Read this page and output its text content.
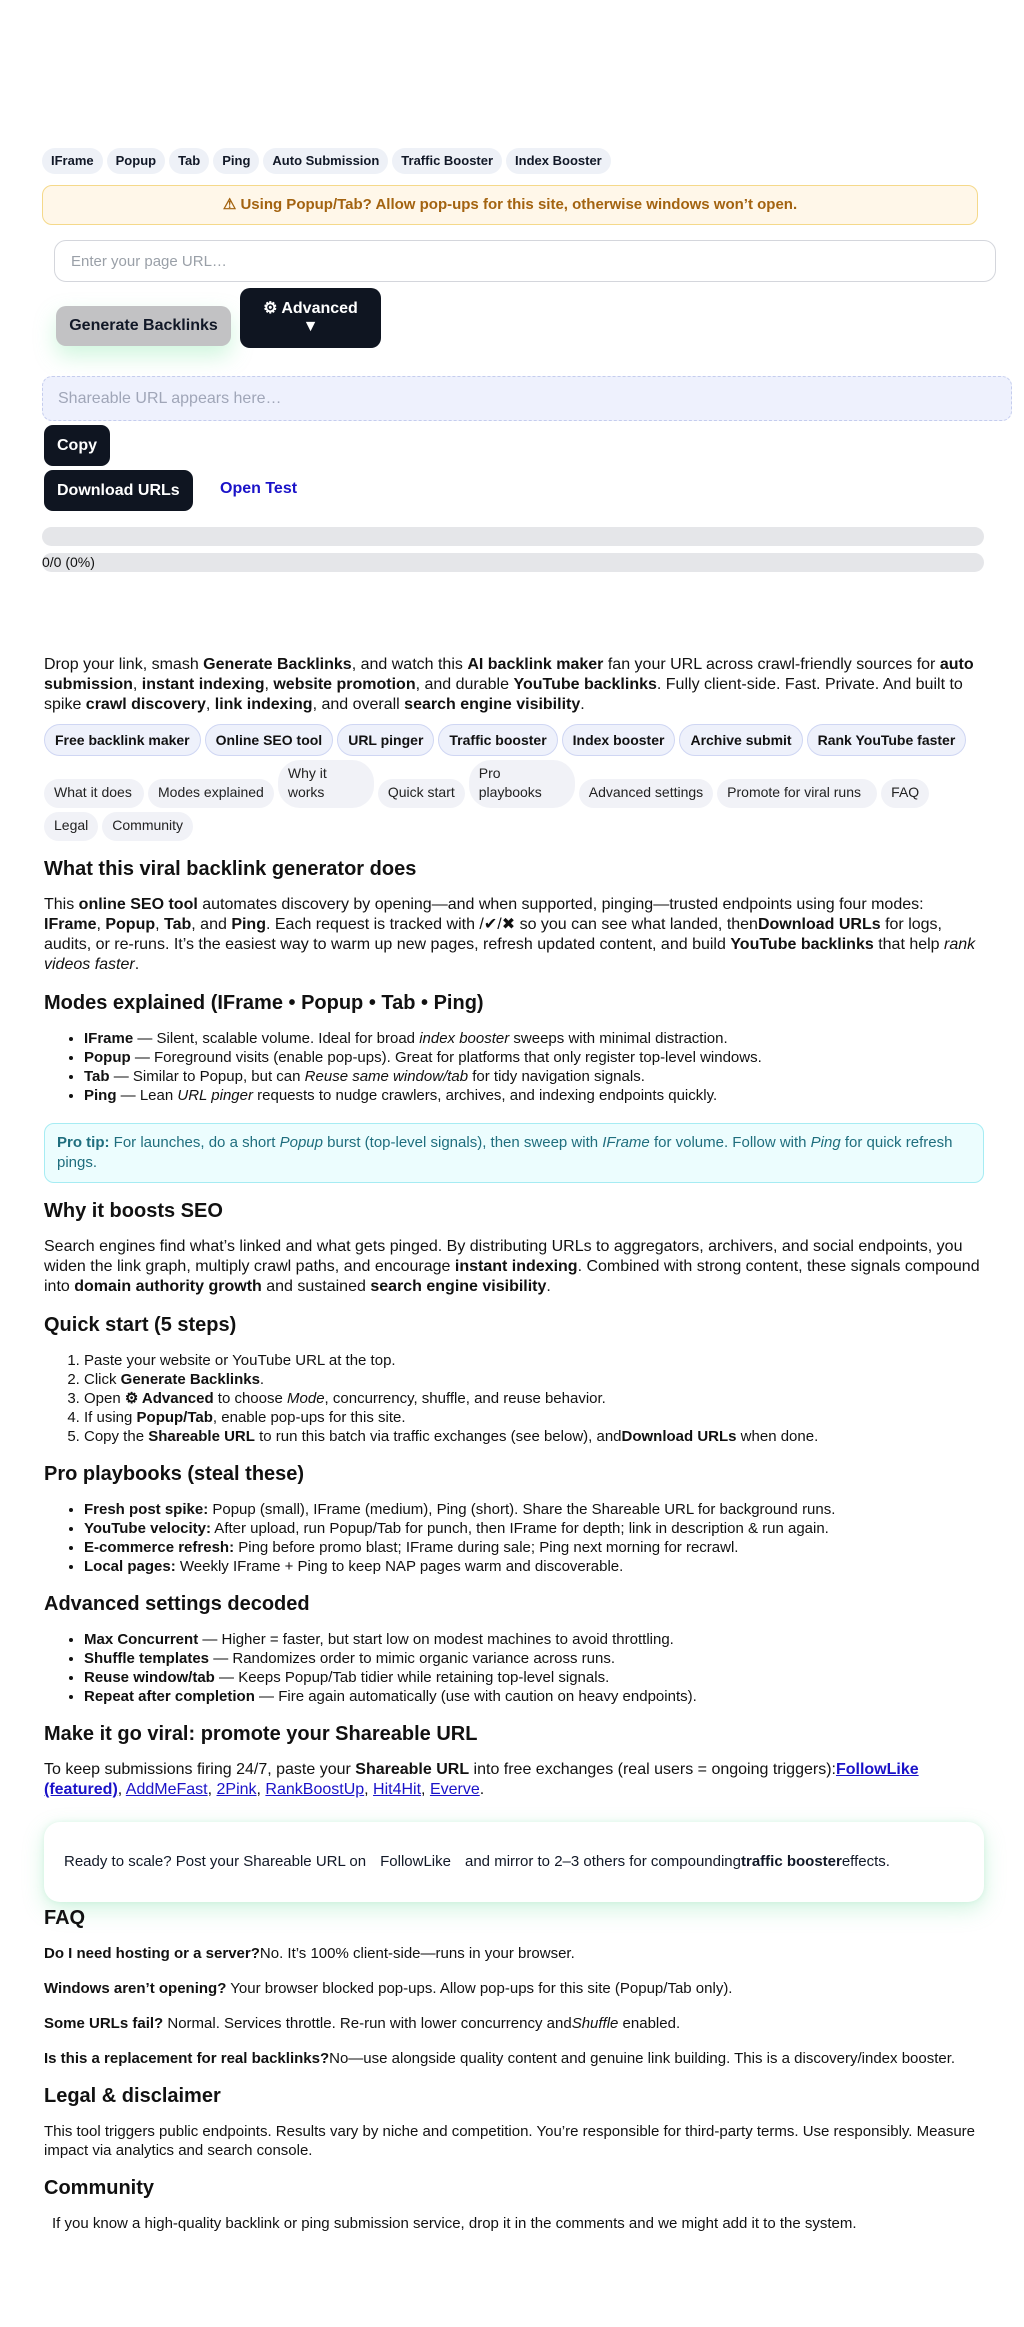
IFrame	Popup	Tab	Ping	Auto Submission	Traffic Booster	Index Booster
⚠ Using Popup/Tab? Allow pop-ups for this site, otherwise windows won’t open.
Enter your page URL…
Generate Backlinks
⚙ Advanced
▼
Shareable URL appears here…
Copy
Download URLs	Open Test
0/0 (0%)

Drop your link, smash Generate Backlinks, and watch this AI backlink maker fan your URL across crawl-friendly sources for auto submission, instant indexing, website promotion, and durable YouTube backlinks. Fully client-side. Fast. Private. And built to spike crawl discovery, link indexing, and overall search engine visibility.

Free backlink maker	Online SEO tool	URL pinger	Traffic booster	Index booster	Archive submit	Rank YouTube faster
What it does	Modes explained
Why it works	Quick start
Pro playbooks	Advanced settings	Promote for viral runs	FAQ
Legal	Community
What this viral backlink generator does

This online SEO tool automates discovery by opening—and when supported, pinging—trusted endpoints using four modes: IFrame, Popup, Tab, and Ping. Each request is tracked with /✔/✖ so you can see what landed, thenDownload URLs for logs, audits, or re-runs. It’s the easiest way to warm up new pages, refresh updated content, and build YouTube backlinks that help rank videos faster.

Modes explained (IFrame • Popup • Tab • Ping)
• IFrame — Silent, scalable volume. Ideal for broad index booster sweeps with minimal distraction.
• Popup — Foreground visits (enable pop-ups). Great for platforms that only register top-level windows.
• Tab — Similar to Popup, but can Reuse same window/tab for tidy navigation signals.
• Ping — Lean URL pinger requests to nudge crawlers, archives, and indexing endpoints quickly.
Pro tip: For launches, do a short Popup burst (top-level signals), then sweep with IFrame for volume. Follow with Ping for quick refresh pings.
Why it boosts SEO

Search engines find what’s linked and what gets pinged. By distributing URLs to aggregators, archivers, and social endpoints, you widen the link graph, multiply crawl paths, and encourage instant indexing. Combined with strong content, these signals compound into domain authority growth and sustained search engine visibility.

Quick start (5 steps)
1. Paste your website or YouTube URL at the top.
2. Click Generate Backlinks.
3. Open ⚙ Advanced to choose Mode, concurrency, shuffle, and reuse behavior.
4. If using Popup/Tab, enable pop-ups for this site.
5. Copy the Shareable URL to run this batch via traffic exchanges (see below), andDownload URLs when done.
Pro playbooks (steal these)
• Fresh post spike: Popup (small), IFrame (medium), Ping (short). Share the Shareable URL for background runs.
• YouTube velocity: After upload, run Popup/Tab for punch, then IFrame for depth; link in description & run again.
• E-commerce refresh: Ping before promo blast; IFrame during sale; Ping next morning for recrawl.
• Local pages: Weekly IFrame + Ping to keep NAP pages warm and discoverable.
Advanced settings decoded
• Max Concurrent — Higher = faster, but start low on modest machines to avoid throttling.
• Shuffle templates — Randomizes order to mimic organic variance across runs.
• Reuse window/tab — Keeps Popup/Tab tidier while retaining top-level signals.
• Repeat after completion — Fire again automatically (use with caution on heavy endpoints).
Make it go viral: promote your Shareable URL

To keep submissions firing 24/7, paste your Shareable URL into free exchanges (real users = ongoing triggers):FollowLike (featured), AddMeFast, 2Pink, RankBoostUp, Hit4Hit, Everve.

Ready to scale? Post your Shareable URL on FollowLike and mirror to 2–3 others for compounding traffic booster effects.
FAQ

Do I need hosting or a server?No. It’s 100% client-side—runs in your browser.

Windows aren’t opening? Your browser blocked pop-ups. Allow pop-ups for this site (Popup/Tab only).

Some URLs fail? Normal. Services throttle. Re-run with lower concurrency andShuffle enabled.

Is this a replacement for real backlinks?No—use alongside quality content and genuine link building. This is a discovery/index booster.

Legal & disclaimer

This tool triggers public endpoints. Results vary by niche and competition. You’re responsible for third-party terms. Use responsibly. Measure impact via analytics and search console.

Community

If you know a high-quality backlink or ping submission service, drop it in the comments and we might add it to the system.
